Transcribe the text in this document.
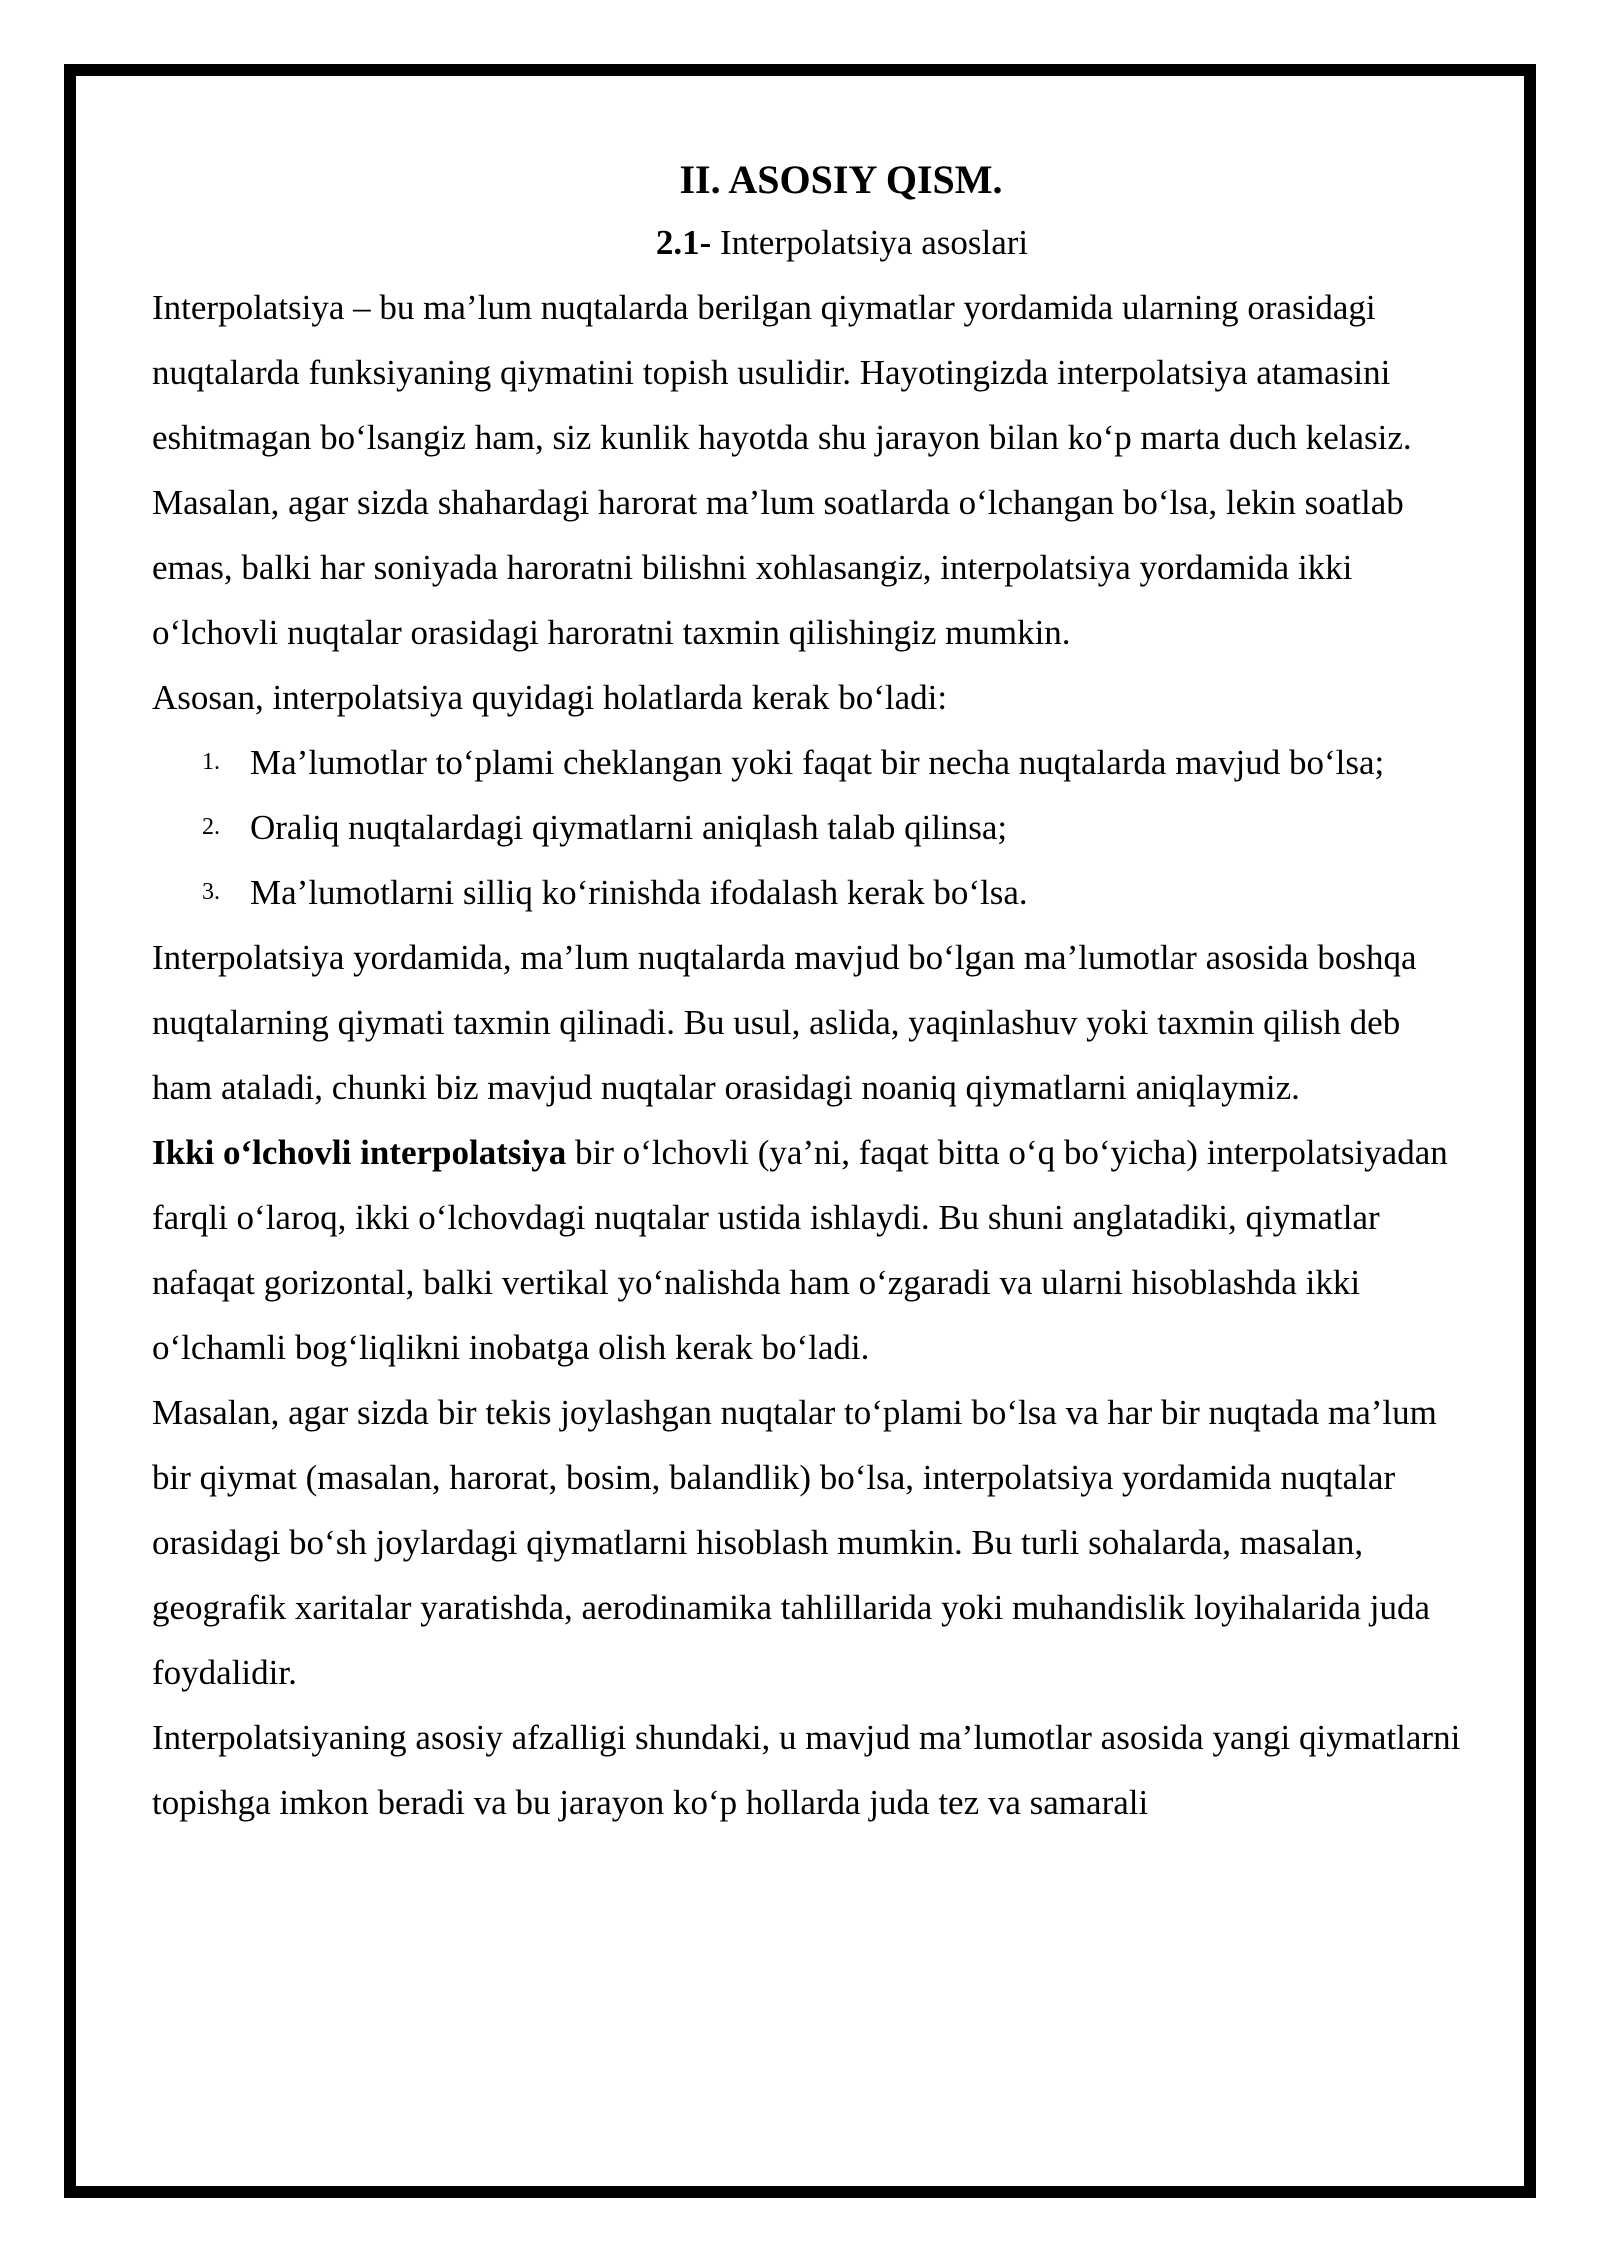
II. ASOSIY QISM.
2.1- Interpolatsiya asoslari

Interpolatsiya – bu ma’lum nuqtalarda berilgan qiymatlar yordamida ularning orasidagi nuqtalarda funksiyaning qiymatini topish usulidir. Hayotingizda interpolatsiya atamasini eshitmagan bo‘lsangiz ham, siz kunlik hayotda shu jarayon bilan ko‘p marta duch kelasiz. Masalan, agar sizda shahardagi harorat ma’lum soatlarda o‘lchangan bo‘lsa, lekin soatlab emas, balki har soniyada haroratni bilishni xohlasangiz, interpolatsiya yordamida ikki o‘lchovli nuqtalar orasidagi haroratni taxmin qilishingiz mumkin.

Asosan, interpolatsiya quyidagi holatlarda kerak bo‘ladi:

1. Ma’lumotlar to‘plami cheklangan yoki faqat bir necha nuqtalarda mavjud bo‘lsa;
2. Oraliq nuqtalardagi qiymatlarni aniqlash talab qilinsa;
3. Ma’lumotlarni silliq ko‘rinishda ifodalash kerak bo‘lsa.

Interpolatsiya yordamida, ma’lum nuqtalarda mavjud bo‘lgan ma’lumotlar asosida boshqa nuqtalarning qiymati taxmin qilinadi. Bu usul, aslida, yaqinlashuv yoki taxmin qilish deb ham ataladi, chunki biz mavjud nuqtalar orasidagi noaniq qiymatlarni aniqlaymiz.

Ikki o‘lchovli interpolatsiya bir o‘lchovli (ya’ni, faqat bitta o‘q bo‘yicha) interpolatsiyadan farqli o‘laroq, ikki o‘lchovdagi nuqtalar ustida ishlaydi. Bu shuni anglatadiki, qiymatlar nafaqat gorizontal, balki vertikal yo‘nalishda ham o‘zgaradi va ularni hisoblashda ikki o‘lchamli bog‘liqlikni inobatga olish kerak bo‘ladi.

Masalan, agar sizda bir tekis joylashgan nuqtalar to‘plami bo‘lsa va har bir nuqtada ma’lum bir qiymat (masalan, harorat, bosim, balandlik) bo‘lsa, interpolatsiya yordamida nuqtalar orasidagi bo‘sh joylardagi qiymatlarni hisoblash mumkin. Bu turli sohalarda, masalan, geografik xaritalar yaratishda, aerodinamika tahlillarida yoki muhandislik loyihalarida juda foydalidir.

Interpolatsiyaning asosiy afzalligi shundaki, u mavjud ma’lumotlar asosida yangi qiymatlarni topishga imkon beradi va bu jarayon ko‘p hollarda juda tez va samarali
